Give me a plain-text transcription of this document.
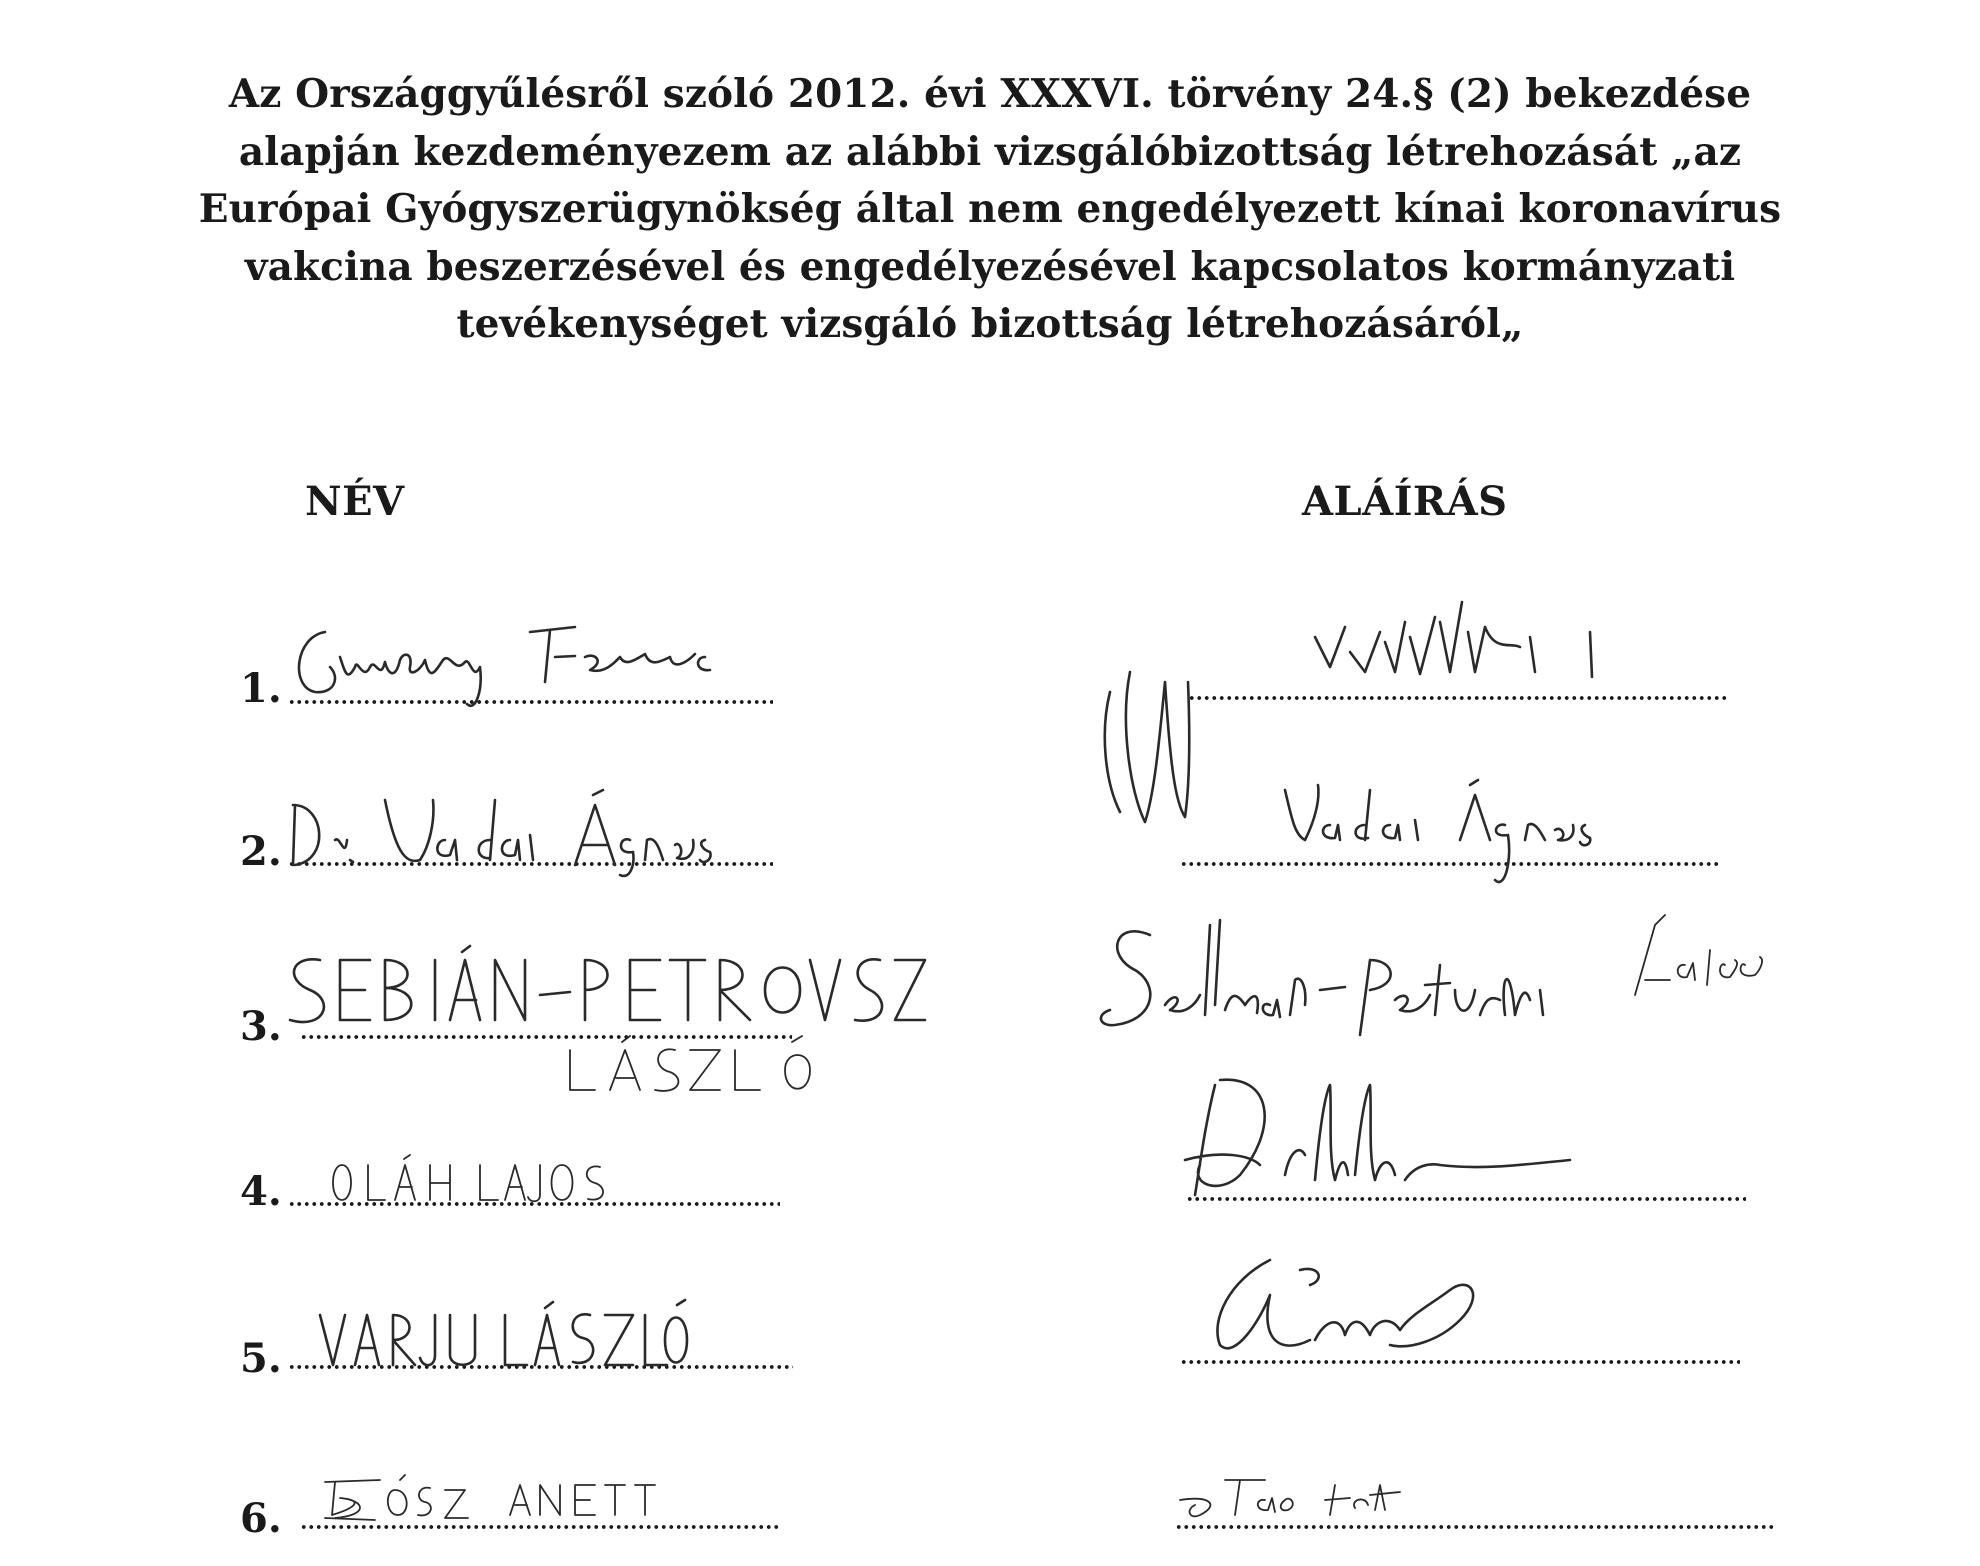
Az Országgyűlésről szóló 2012. évi XXXVI. törvény 24.§ (2) bekezdése
alapján kezdeményezem az alábbi vizsgálóbizottság létrehozását „az
Európai Gyógyszerügynökség által nem engedélyezett kínai koronavírus
vakcina beszerzésével és engedélyezésével kapcsolatos kormányzati
tevékenységet vizsgáló bizottság létrehozásáról„
NÉV	ALÁÍRÁS
1.
2.
3.
4.
5.
6.
